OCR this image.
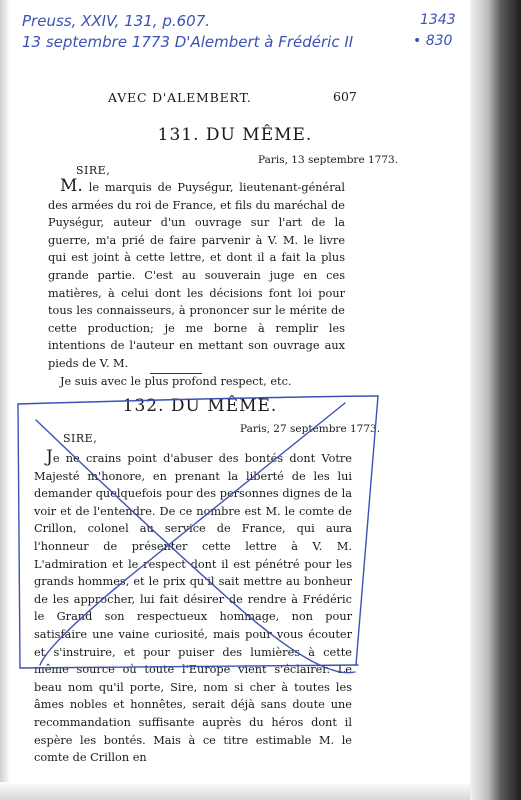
Preuss, XXIV, 131, p.607.
13 septembre 1773 D'Alembert à Frédéric II
1343
• 830
AVEC D'ALEMBERT.	607
131. DU MÊME.
Paris, 13 septembre 1773.
SIRE,

M. le marquis de Puységur, lieutenant-général des armées du roi de France, et fils du maréchal de Puységur, auteur d'un ouvrage sur l'art de la guerre, m'a prié de faire parvenir à V. M. le livre qui est joint à cette lettre, et dont il a fait la plus grande partie. C'est au souverain juge en ces matières, à celui dont les décisions font loi pour tous les connaisseurs, à prononcer sur le mérite de cette production; je me borne à remplir les intentions de l'auteur en mettant son ouvrage aux pieds de V. M.

Je suis avec le plus profond respect, etc.

132. DU MÊME.
Paris, 27 septembre 1773.
SIRE,

Je ne crains point d'abuser des bontés dont Votre Majesté m'honore, en prenant la liberté de les lui demander quelquefois pour des personnes dignes de la voir et de l'entendre. De ce nombre est M. le comte de Crillon, colonel au service de France, qui aura l'honneur de présenter cette lettre à V. M. L'admiration et le respect dont il est pénétré pour les grands hommes, et le prix qu'il sait mettre au bonheur de les approcher, lui fait désirer de rendre à Frédéric le Grand son respectueux hommage, non pour satisfaire une vaine curiosité, mais pour vous écouter et s'instruire, et pour puiser des lumières à cette même source où toute l'Europe vient s'éclairer. Le beau nom qu'il porte, Sire, nom si cher à toutes les âmes nobles et honnêtes, serait déjà sans doute une recommandation suffisante auprès du héros dont il espère les bontés. Mais à ce titre estimable M. le comte de Crillon en
